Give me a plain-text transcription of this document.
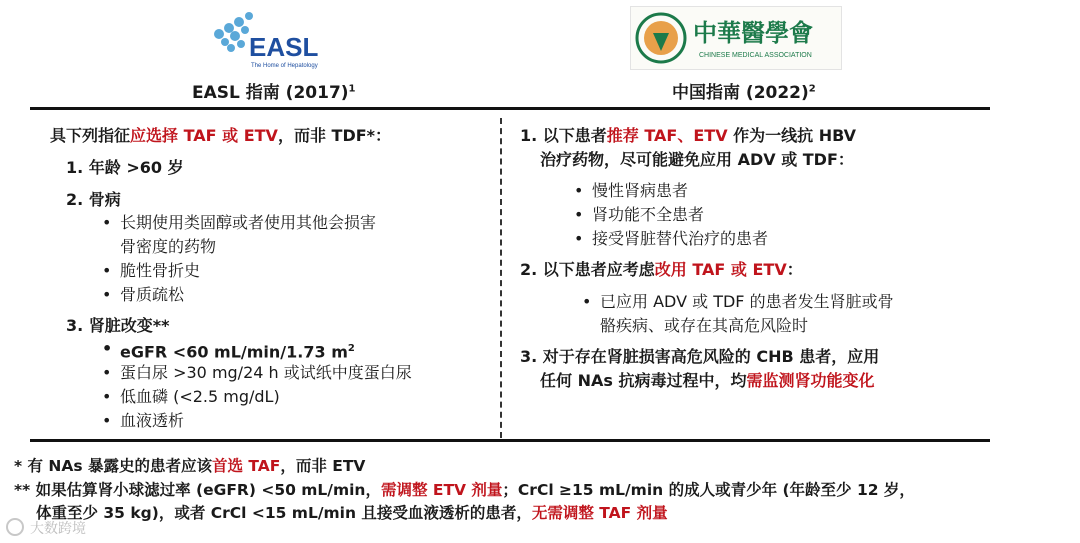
EASL
The Home of Hepatology
中華醫學會
CHINESE MEDICAL ASSOCIATION
EASL 指南 $(2017)^1$	中国指南 $(2022)^2$
具下列指征应选择 TAF 或 ETV，而非 TDF*：
1. 年龄 >60 岁
2. 骨病
• 长期使用类固醇或者使用其他会损害
骨密度的药物
• 脆性骨折史
• 骨质疏松
3. 肾脏改变**
• eGFR <60 mL/min/1.73 $m^2$
• 蛋白尿 >30 mg/24 h 或试纸中度蛋白尿
• 低血磷 (<2.5 mg/dL)
• 血液透析
1. 以下患者推荐 TAF、ETV 作为一线抗 HBV
治疗药物，尽可能避免应用 ADV 或 TDF：
• 慢性肾病患者
• 肾功能不全患者
• 接受肾脏替代治疗的患者
2. 以下患者应考虑改用 TAF 或 ETV：
• 已应用 ADV 或 TDF 的患者发生肾脏或骨
骼疾病、或存在其高危风险时
3. 对于存在肾脏损害高危风险的 CHB 患者，应用
任何 NAs 抗病毒过程中，均需监测肾功能变化
* 有 NAs 暴露史的患者应该首选 TAF，而非 ETV
** 如果估算肾小球滤过率 (eGFR) <50 mL/min，需调整 ETV 剂量；CrCl ≥15 mL/min 的成人或青少年 (年龄至少 12 岁，
体重至少 35 kg)，或者 CrCl <15 mL/min 且接受血液透析的患者，无需调整 TAF 剂量
大数跨境
